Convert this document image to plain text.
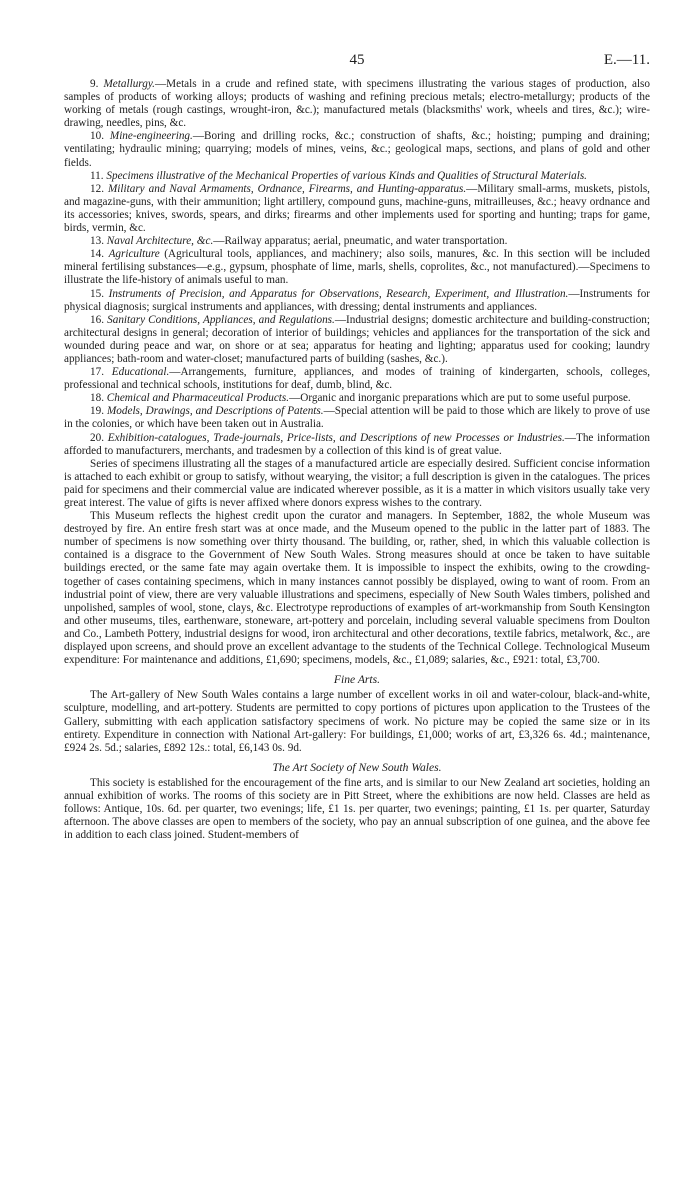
45	E.—11.

9. Metallurgy.—Metals in a crude and refined state, with specimens illustrating the various stages of production, also samples of products of working alloys; products of washing and refining precious metals; electro-metallurgy; products of the working of metals (rough castings, wrought-iron, &c.); manufactured metals (blacksmiths' work, wheels and tires, &c.); wire-drawing, needles, pins, &c.

10. Mine-engineering.—Boring and drilling rocks, &c.; construction of shafts, &c.; hoisting; pumping and draining; ventilating; hydraulic mining; quarrying; models of mines, veins, &c.; geological maps, sections, and plans of gold and other fields.

11. Specimens illustrative of the Mechanical Properties of various Kinds and Qualities of Structural Materials.

12. Military and Naval Armaments, Ordnance, Firearms, and Hunting-apparatus.—Military small-arms, muskets, pistols, and magazine-guns, with their ammunition; light artillery, compound guns, machine-guns, mitrailleuses, &c.; heavy ordnance and its accessories; knives, swords, spears, and dirks; firearms and other implements used for sporting and hunting; traps for game, birds, vermin, &c.

13. Naval Architecture, &c.—Railway apparatus; aerial, pneumatic, and water transportation.

14. Agriculture (Agricultural tools, appliances, and machinery; also soils, manures, &c. In this section will be included mineral fertilising substances—e.g., gypsum, phosphate of lime, marls, shells, coprolites, &c., not manufactured).—Specimens to illustrate the life-history of animals useful to man.

15. Instruments of Precision, and Apparatus for Observations, Research, Experiment, and Illustration.—Instruments for physical diagnosis; surgical instruments and appliances, with dressing; dental instruments and appliances.

16. Sanitary Conditions, Appliances, and Regulations.—Industrial designs; domestic architecture and building-construction; architectural designs in general; decoration of interior of buildings; vehicles and appliances for the transportation of the sick and wounded during peace and war, on shore or at sea; apparatus for heating and lighting; apparatus used for cooking; laundry appliances; bath-room and water-closet; manufactured parts of building (sashes, &c.).

17. Educational.—Arrangements, furniture, appliances, and modes of training of kindergarten, schools, colleges, professional and technical schools, institutions for deaf, dumb, blind, &c.

18. Chemical and Pharmaceutical Products.—Organic and inorganic preparations which are put to some useful purpose.

19. Models, Drawings, and Descriptions of Patents.—Special attention will be paid to those which are likely to prove of use in the colonies, or which have been taken out in Australia.

20. Exhibition-catalogues, Trade-journals, Price-lists, and Descriptions of new Processes or Industries.—The information afforded to manufacturers, merchants, and tradesmen by a collection of this kind is of great value.

Series of specimens illustrating all the stages of a manufactured article are especially desired. Sufficient concise information is attached to each exhibit or group to satisfy, without wearying, the visitor; a full description is given in the catalogues. The prices paid for specimens and their commercial value are indicated wherever possible, as it is a matter in which visitors usually take very great interest. The value of gifts is never affixed where donors express wishes to the contrary.

This Museum reflects the highest credit upon the curator and managers. In September, 1882, the whole Museum was destroyed by fire. An entire fresh start was at once made, and the Museum opened to the public in the latter part of 1883. The number of specimens is now something over thirty thousand. The building, or, rather, shed, in which this valuable collection is contained is a disgrace to the Government of New South Wales. Strong measures should at once be taken to have suitable buildings erected, or the same fate may again overtake them. It is impossible to inspect the exhibits, owing to the crowding-together of cases containing specimens, which in many instances cannot possibly be displayed, owing to want of room. From an industrial point of view, there are very valuable illustrations and specimens, especially of New South Wales timbers, polished and unpolished, samples of wool, stone, clays, &c. Electrotype reproductions of examples of art-workmanship from South Kensington and other museums, tiles, earthenware, stoneware, art-pottery and porcelain, including several valuable specimens from Doulton and Co., Lambeth Pottery, industrial designs for wood, iron architectural and other decorations, textile fabrics, metalwork, &c., are displayed upon screens, and should prove an excellent advantage to the students of the Technical College. Technological Museum expenditure: For maintenance and additions, £1,690; specimens, models, &c., £1,089; salaries, &c., £921: total, £3,700.

Fine Arts.

The Art-gallery of New South Wales contains a large number of excellent works in oil and water-colour, black-and-white, sculpture, modelling, and art-pottery. Students are permitted to copy portions of pictures upon application to the Trustees of the Gallery, submitting with each application satisfactory specimens of work. No picture may be copied the same size or in its entirety. Expenditure in connection with National Art-gallery: For buildings, £1,000; works of art, £3,326 6s. 4d.; maintenance, £924 2s. 5d.; salaries, £892 12s.: total, £6,143 0s. 9d.

The Art Society of New South Wales.

This society is established for the encouragement of the fine arts, and is similar to our New Zealand art societies, holding an annual exhibition of works. The rooms of this society are in Pitt Street, where the exhibitions are now held. Classes are held as follows: Antique, 10s. 6d. per quarter, two evenings; life, £1 1s. per quarter, two evenings; painting, £1 1s. per quarter, Saturday afternoon. The above classes are open to members of the society, who pay an annual subscription of one guinea, and the above fee in addition to each class joined. Student-members of
